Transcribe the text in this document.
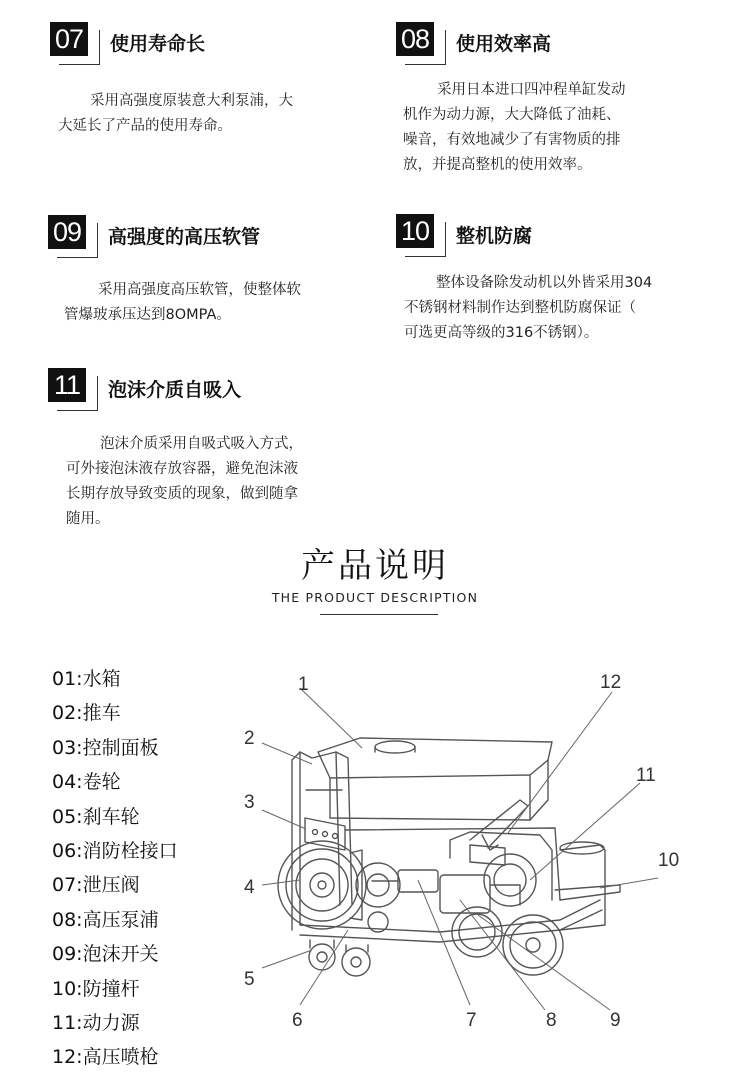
07 使用寿命长
采用高强度原装意大利泵浦，大
大延长了产品的使用寿命。
08 使用效率高
采用日本进口四冲程单缸发动
机作为动力源，大大降低了油耗、
噪音，有效地减少了有害物质的排
放，并提高整机的使用效率。
09 高强度的高压软管
采用高强度高压软管，使整体软
管爆玻承压达到8OMPA。
10 整机防腐
整体设备除发动机以外皆采用304
不锈钢材料制作达到整机防腐保证（
可选更高等级的316不锈钢）。
11	泡沫介质自吸入
泡沫介质采用自吸式吸入方式，
可外接泡沫液存放容器，避免泡沫液
长期存放导致变质的现象，做到随拿
随用。
产品说明
THE PRODUCT DESCRIPTION
01:水箱
02:推车
03:控制面板
04:卷轮
05:刹车轮
06:消防栓接口
07:泄压阀
08:高压泵浦
09:泡沫开关
10:防撞杆
11:动力源
12:高压喷枪
1
2
3
4
5
6	7	8	9
10
11
12
